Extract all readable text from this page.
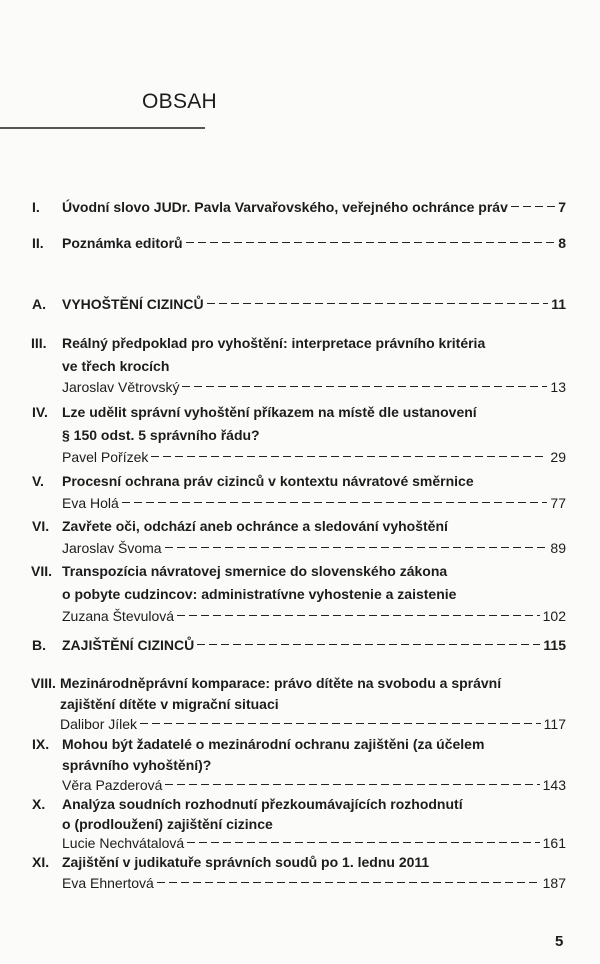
OBSAH
I. Úvodní slovo JUDr. Pavla Varvařovského, veřejného ochránce práv	7
II. Poznámka editorů	8
A. VYHOŠTĚNÍ CIZINCŮ	11
III. Reálný předpoklad pro vyhoštění: interpretace právního kritéria
ve třech krocích
Jaroslav Větrovský	13
IV. Lze udělit správní vyhoštění příkazem na místě dle ustanovení
§ 150 odst. 5 správního řádu?
Pavel Pořízek	29
V. Procesní ochrana práv cizinců v kontextu návratové směrnice
Eva Holá	77
VI. Zavřete oči, odchází aneb ochránce a sledování vyhoštění
Jaroslav Švoma	89
VII. Transpozícia návratovej smernice do slovenského zákona
o pobyte cudzincov: administratívne vyhostenie a zaistenie
Zuzana Števulová	102
B. ZAJIŠTĚNÍ CIZINCŮ	115
VIII. Mezinárodněprávní komparace: právo dítěte na svobodu a správní
zajištění dítěte v migrační situaci
Dalibor Jílek	117
IX. Mohou být žadatelé o mezinárodní ochranu zajištěni (za účelem
správního vyhoštění)?
Věra Pazderová	143
X. Analýza soudních rozhodnutí přezkoumávajících rozhodnutí
o (prodloužení) zajištění cizince
Lucie Nechvátalová	161
XI. Zajištění v judikatuře správních soudů po 1. lednu 2011
Eva Ehnertová	187
5
